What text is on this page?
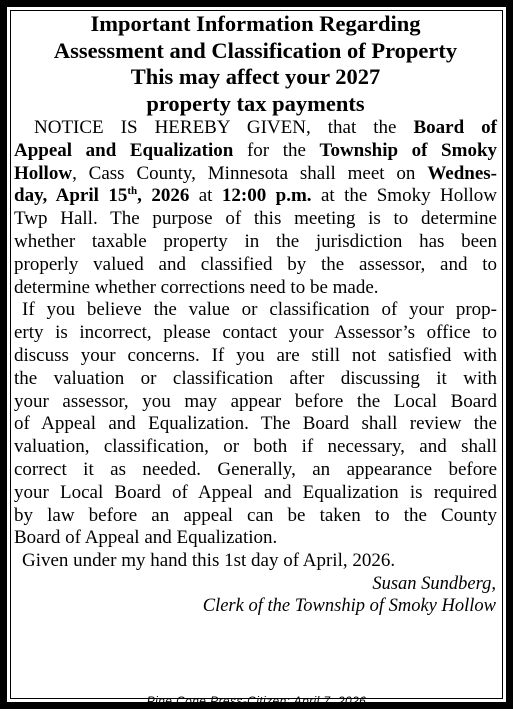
Important Information Regarding
Assessment and Classification of Property
This may affect your 2027
property tax payments

NOTICE IS HEREBY GIVEN, that the Board of
Appeal and Equalization for the Township of Smoky
Hollow, Cass County, Minnesota shall meet on Wednes-
day, April 15th, 2026 at 12:00 p.m. at the Smoky Hollow
Twp Hall. The purpose of this meeting is to determine
whether taxable property in the jurisdiction has been
properly valued and classified by the assessor, and to
determine whether corrections need to be made.

If you believe the value or classification of your prop-
erty is incorrect, please contact your Assessor’s office to
discuss your concerns. If you are still not satisfied with
the valuation or classification after discussing it with
your assessor, you may appear before the Local Board
of Appeal and Equalization. The Board shall review the
valuation, classification, or both if necessary, and shall
correct it as needed. Generally, an appearance before
your Local Board of Appeal and Equalization is required
by law before an appeal can be taken to the County
Board of Appeal and Equalization.

Given under my hand this 1st day of April, 2026.

Susan Sundberg,
Clerk of the Township of Smoky Hollow
Pine Cone Press-Citizen: April 7, 2026
